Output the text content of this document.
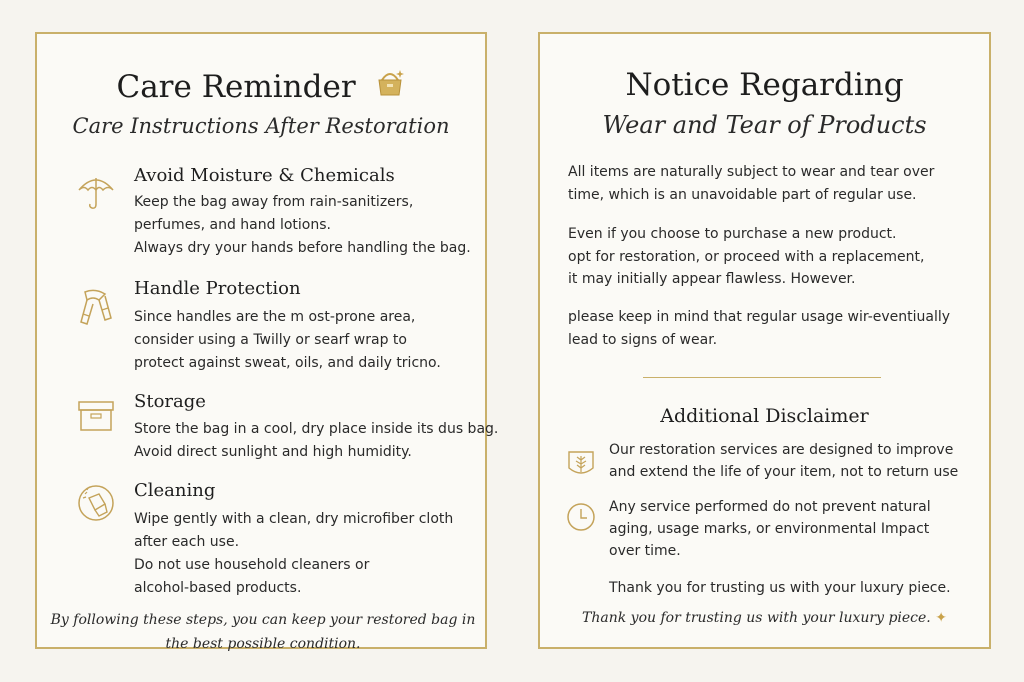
Care Reminder
Care Instructions After Restoration
Avoid Moisture & Chemicals
Keep the bag away from rain-sanitizers,
perfumes, and hand lotions.
Always dry your hands before handling the bag.
Handle Protection
Since handles are the m ost-prone area,
consider using a Twilly or searf wrap to
protect against sweat, oils, and daily tricno.
Storage
Store the bag in a cool, dry place inside its dus bag.
Avoid direct sunlight and high humidity.
Cleaning
Wipe gently with a clean, dry microfiber cloth
after each use.
Do not use household cleaners or
alcohol-based products.
By following these steps, you can keep your restored bag in
the best possible condition.
Notice Regarding
Wear and Tear of Products
All items are naturally subject to wear and tear over
time, which is an unavoidable part of regular use.
Even if you choose to purchase a new product.
opt for restoration, or proceed with a replacement,
it may initially appear flawless. However.
please keep in mind that regular usage wir-eventiually
lead to signs of wear.
Additional Disclaimer
Our restoration services are designed to improve
and extend the life of your item, not to return use
Any service performed do not prevent natural
aging, usage marks, or environmental Impact
over time.
Thank you for trusting us with your luxury piece.
Thank you for trusting us with your luxury piece. ✦
